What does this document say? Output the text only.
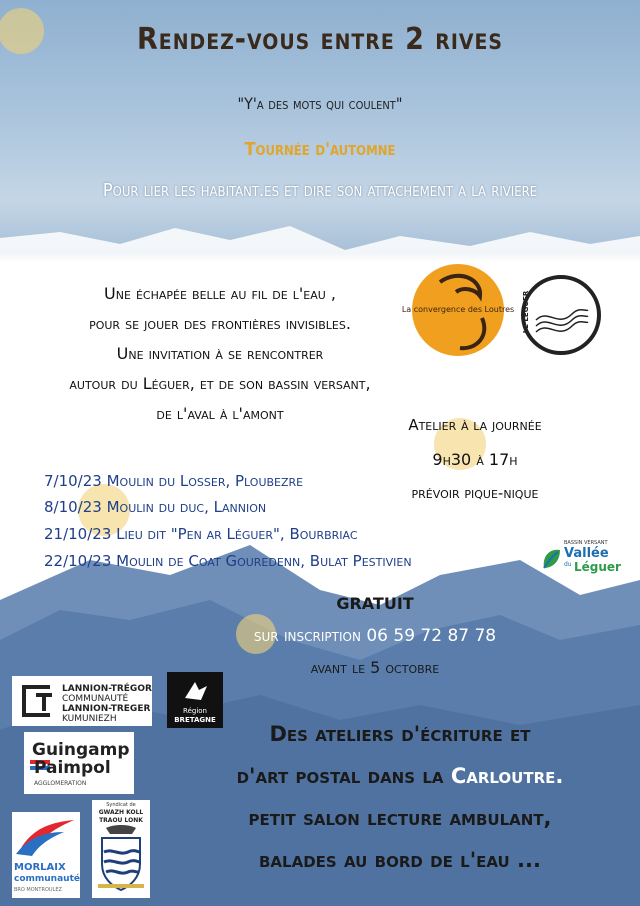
Rendez-vous entre 2 rives
"Y'a des mots qui coulent"
Tournée d'automne
Pour lier les habitant.es et dire son attachement a la riviere
Une échapée belle au fil de l'eau ,
pour se jouer des frontières invisibles.
Une invitation à se rencontrer
autour du Léguer, et de son bassin versant,
de l'aval à l'amont
La convergence des Loutres LE LÉGUER
Atelier à la journée
9h30 à 17h
prévoir pique-nique
7/10/23 Moulin du Losser, Ploubezre
8/10/23 Moulin du duc, Lannion
21/10/23 Lieu dit "Pen ar Léguer", Bourbriac
22/10/23 Moulin de Coat Gouredenn, Bulat Pestivien
BASSIN VERSANT
Vallée
du Léguer
GRATUIT
sur inscription 06 59 72 87 78
avant le 5 octobre
LANNION-TRÉGOR
COMMUNAUTÉ
LANNION-TREGER
KUMUNIEZH
Région
BRETAGNE
Guingamp
Paimpol
AGGLOMERATION
MORLAIX
communauté
BRO MONTROULEZ
Syndicat de
GWAZH KOLL
TRAOU LONK
Des ateliers d'écriture et
d'art postal dans la Carloutre.
petit salon lecture ambulant,
balades au bord de l'eau ...
